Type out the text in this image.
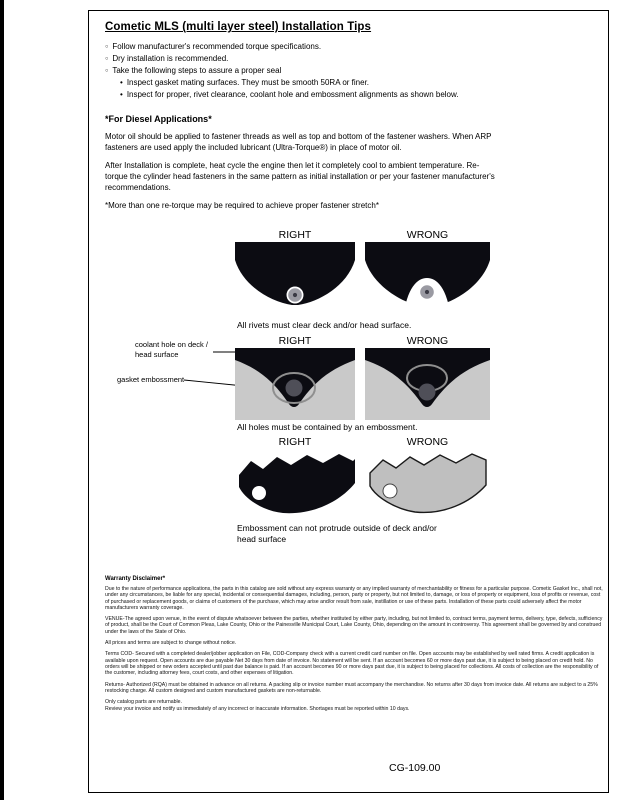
Cometic MLS (multi layer steel) Installation Tips
○ Follow manufacturer's recommended torque specifications.
○ Dry installation is recommended.
○ Take the following steps to assure a proper seal
• Inspect gasket mating surfaces. They must be smooth 50RA or finer.
• Inspect for proper, rivet clearance, coolant hole and embossment alignments as shown below.
*For Diesel Applications*
Motor oil should be applied to fastener threads as well as top and bottom of the fastener washers. When ARP fasteners are used apply the included lubricant (Ultra-Torque®) in place of motor oil.
After Installation is complete, heat cycle the engine then let it completely cool to ambient temperature. Re-torque the cylinder head fasteners in the same pattern as initial installation or per your fastener manufacturer's recommendations.
*More than one re-torque may be required to achieve proper fastener stretch*
RIGHT	WRONG
All rivets must clear deck and/or head surface.
RIGHT	WRONG
coolant hole on deck / head surface
gasket embossment
All holes must be contained by an embossment.
RIGHT	WRONG
Embossment can not protrude outside of deck and/or head surface
Warranty Disclaimer*
Due to the nature of performance applications, the parts in this catalog are sold without any express warranty or any implied warranty of merchantability or fitness for a particular purpose. Cometic Gasket Inc., shall not, under any circumstances, be liable for any special, incidental or consequential damages, including, person, party or property, but not limited to, damage, or loss of property or equipment, loss of profits or revenue, cost of purchased or replacement goods, or claims of customers of the purchase, which may arise and/or result from sale, instillation or use of these parts. Installation of these parts could adversely affect the motor manufacturers warranty coverage.
VENUE-The agreed upon venue, in the event of dispute whatsoever between the parties, whether instituted by either party, including, but not limited to, contract terms, payment terms, delivery, type, defects, sufficiency of product, shall be the Court of Common Pleas, Lake County, Ohio or the Painesville Municipal Court, Lake County, Ohio, depending on the amount in controversy. This agreement shall be governed by and construed under the laws of the State of Ohio.
All prices and terms are subject to change without notice.
Terms COD- Secured with a completed dealer/jobber application on File, COD-Company check with a current credit card number on file. Open accounts may be established by well rated firms. A credit application is available upon request. Open accounts are due payable Net 30 days from date of invoice. No statement will be sent. If an account becomes 60 or more days past due, it is subject to being placed on credit hold. No orders will be shipped or new orders accepted until past due balance is paid. If an account becomes 90 or more days past due, it is subject to being placed for collections. All costs of collection are the responsibility of the customer, including attorney fees, court costs, and other expenses of litigation.
Returns- Authorized (RQA) must be obtained in advance on all returns. A packing slip or invoice number must accompany the merchandise. No returns after 30 days from invoice date. All returns are subject to a 25% restocking charge. All custom designed and custom manufactured gaskets are non-returnable.
Only catalog parts are returnable.
Review your invoice and notify us immediately of any incorrect or inaccurate information. Shortages must be reported within 10 days.
CG-109.00
